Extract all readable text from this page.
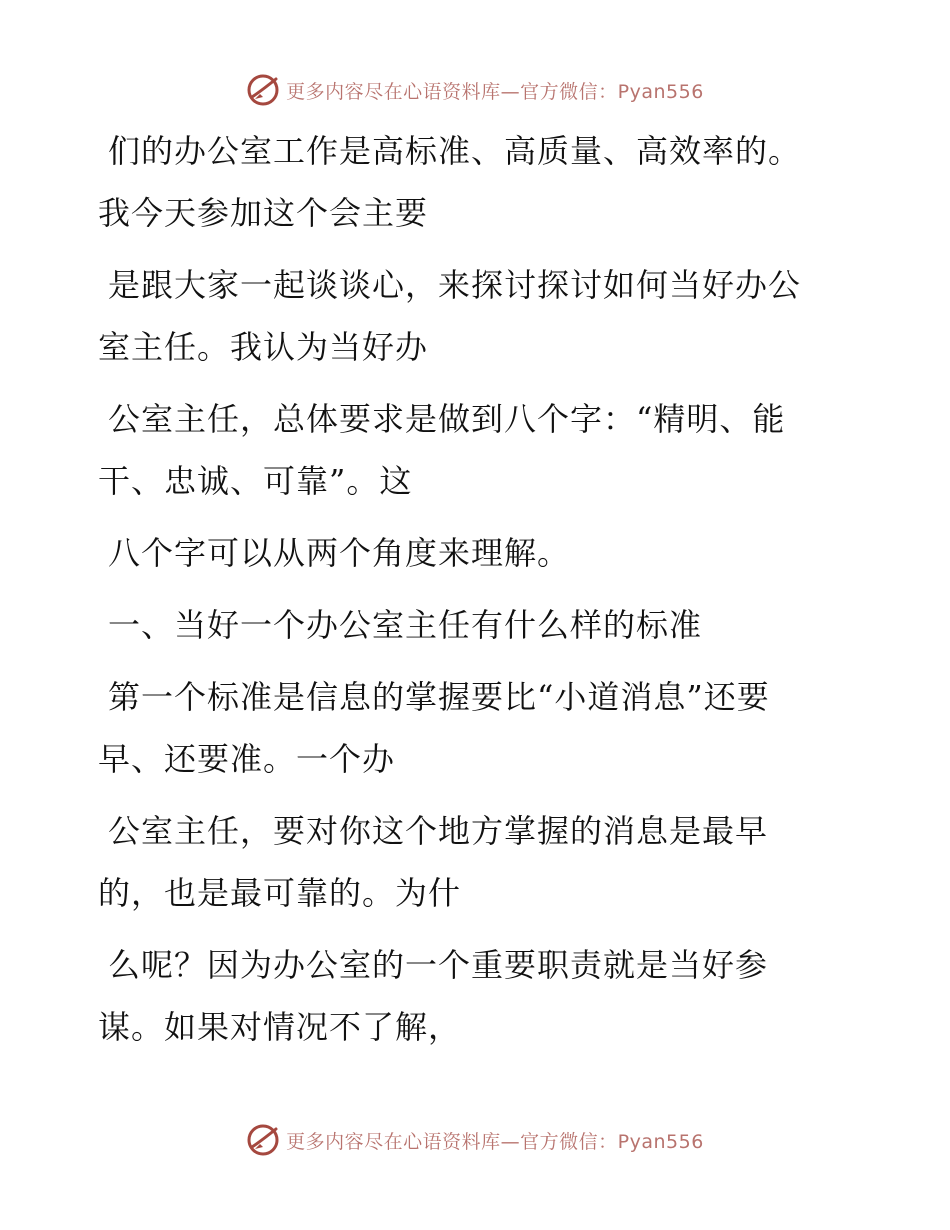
更多内容尽在心语资料库—官方微信：Pyan556

们的办公室工作是高标准、高质量、高效率的。
我今天参加这个会主要

是跟大家一起谈谈心，来探讨探讨如何当好办公
室主任。我认为当好办

公室主任，总体要求是做到八个字：“精明、能
干、忠诚、可靠”。这

八个字可以从两个角度来理解。

一、当好一个办公室主任有什么样的标准

第一个标准是信息的掌握要比“小道消息”还要
早、还要准。一个办

公室主任，要对你这个地方掌握的消息是最早
的，也是最可靠的。为什

么呢？因为办公室的一个重要职责就是当好参
谋。如果对情况不了解，

更多内容尽在心语资料库—官方微信：Pyan556
